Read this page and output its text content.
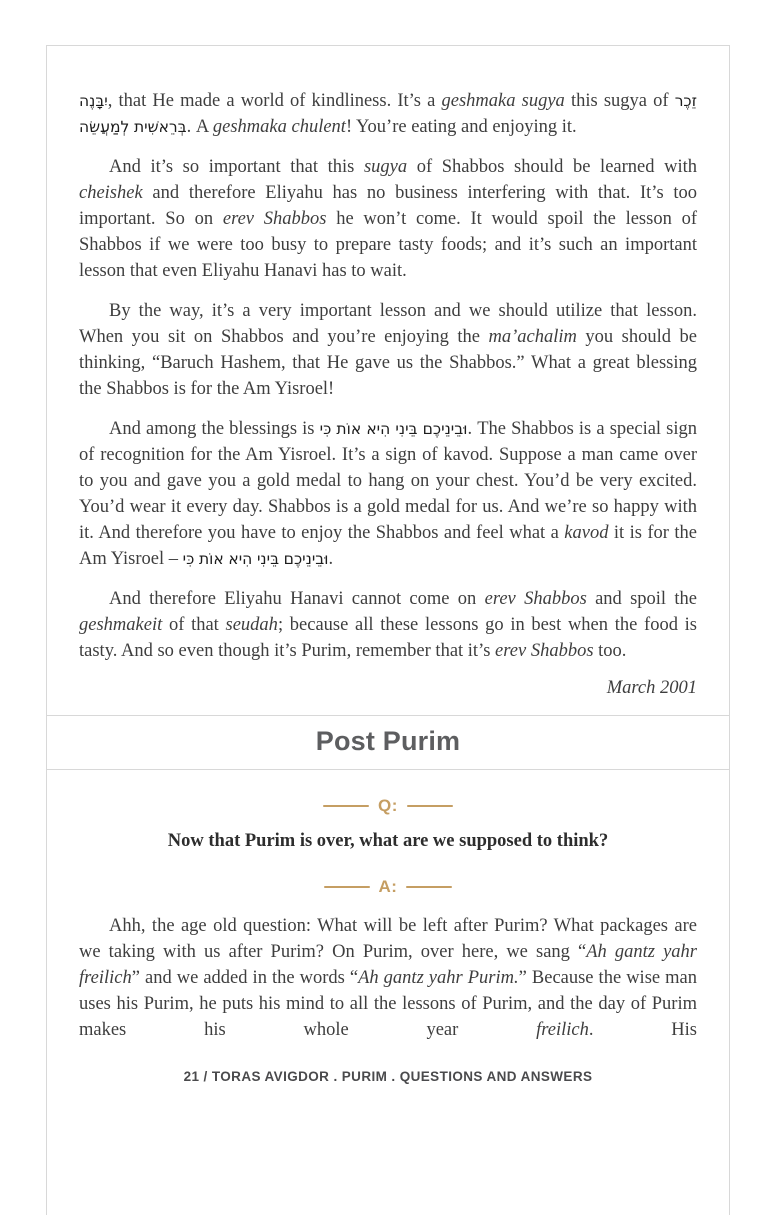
יִבָּנֶה, that He made a world of kindliness. It’s a geshmaka sugya this sugya of זֵכֶר לְמַעֲשֵׂה בְּרֵאשִׁית. A geshmaka chulent! You’re eating and enjoying it.

And it’s so important that this sugya of Shabbos should be learned with cheishek and therefore Eliyahu has no business interfering with that. It’s too important. So on erev Shabbos he won’t come. It would spoil the lesson of Shabbos if we were too busy to prepare tasty foods; and it’s such an important lesson that even Eliyahu Hanavi has to wait.

By the way, it’s a very important lesson and we should utilize that lesson. When you sit on Shabbos and you’re enjoying the ma’achalim you should be thinking, “Baruch Hashem, that He gave us the Shabbos.” What a great blessing the Shabbos is for the Am Yisroel!

And among the blessings is כִּי אוֹת הִיא בֵּינִי וּבֵינֵיכֶם. The Shabbos is a special sign of recognition for the Am Yisroel. It’s a sign of kavod. Suppose a man came over to you and gave you a gold medal to hang on your chest. You’d be very excited. You’d wear it every day. Shabbos is a gold medal for us. And we’re so happy with it. And therefore you have to enjoy the Shabbos and feel what a kavod it is for the Am Yisroel – כִּי אוֹת הִיא בֵּינִי וּבֵינֵיכֶם.

And therefore Eliyahu Hanavi cannot come on erev Shabbos and spoil the geshmakeit of that seudah; because all these lessons go in best when the food is tasty. And so even though it’s Purim, remember that it’s erev Shabbos too.

March 2001

Post Purim
Q:

Now that Purim is over, what are we supposed to think?

A:

Ahh, the age old question: What will be left after Purim? What packages are we taking with us after Purim? On Purim, over here, we sang “Ah gantz yahr freilich” and we added in the words “Ah gantz yahr Purim.” Because the wise man uses his Purim, he puts his mind to all the lessons of Purim, and the day of Purim makes his whole year freilich. His

21 / TORAS AVIGDOR . PURIM . QUESTIONS AND ANSWERS
